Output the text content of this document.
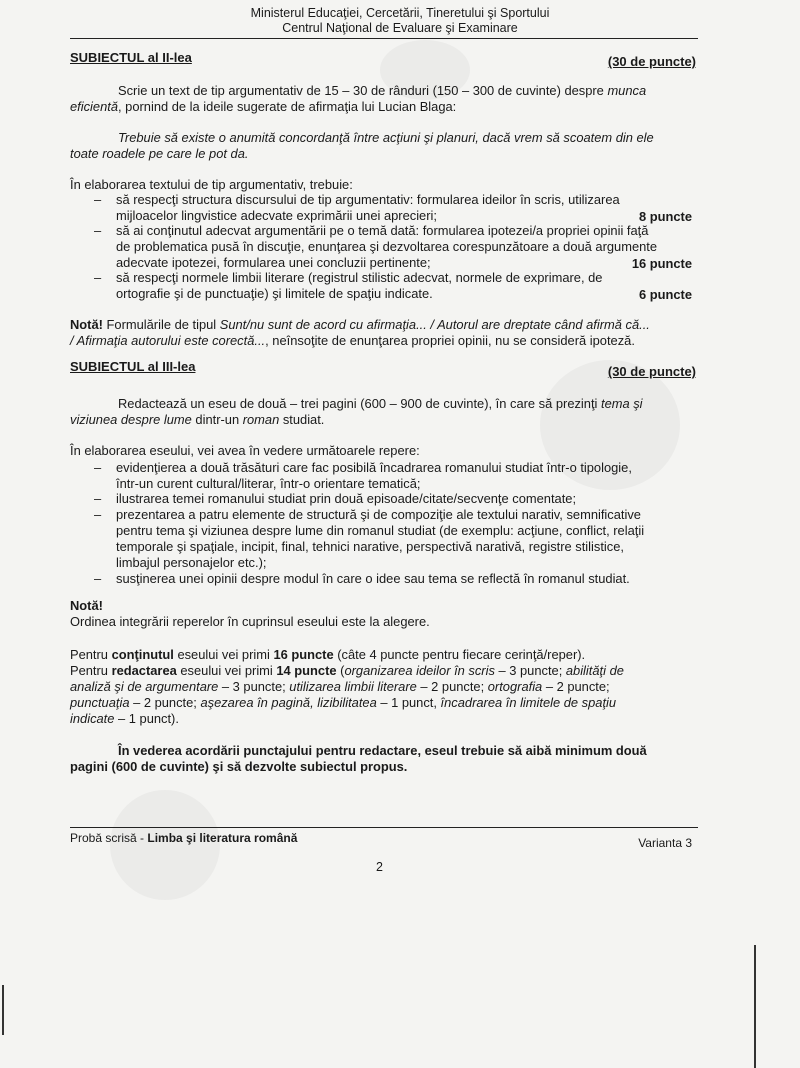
Ministerul Educaţiei, Cercetării, Tineretului şi Sportului
Centrul Naţional de Evaluare şi Examinare
SUBIECTUL al II-lea	(30 de puncte)
Scrie un text de tip argumentativ de 15 – 30 de rânduri (150 – 300 de cuvinte) despre munca
eficientă, pornind de la ideile sugerate de afirmaţia lui Lucian Blaga:
Trebuie să existe o anumită concordanţă între acţiuni şi planuri, dacă vrem să scoatem din ele
toate roadele pe care le pot da.
În elaborarea textului de tip argumentativ, trebuie:
– să respecţi structura discursului de tip argumentativ: formularea ideilor în scris, utilizarea
mijloacelor lingvistice adecvate exprimării unei aprecieri;	8 puncte
– să ai conţinutul adecvat argumentării pe o temă dată: formularea ipotezei/a propriei opinii faţă
de problematica pusă în discuţie, enunţarea şi dezvoltarea corespunzătoare a două argumente
adecvate ipotezei, formularea unei concluzii pertinente;	16 puncte
– să respecţi normele limbii literare (registrul stilistic adecvat, normele de exprimare, de
ortografie şi de punctuaţie) şi limitele de spaţiu indicate.	6 puncte
Notă! Formulările de tipul Sunt/nu sunt de acord cu afirmaţia... / Autorul are dreptate când afirmă că...
/ Afirmaţia autorului este corectă..., neînsoţite de enunţarea propriei opinii, nu se consideră ipoteză.
SUBIECTUL al III-lea	(30 de puncte)
Redactează un eseu de două – trei pagini (600 – 900 de cuvinte), în care să prezinţi tema şi
viziunea despre lume dintr-un roman studiat.
În elaborarea eseului, vei avea în vedere următoarele repere:
– evidenţierea a două trăsături care fac posibilă încadrarea romanului studiat într-o tipologie,
într-un curent cultural/literar, într-o orientare tematică;
– ilustrarea temei romanului studiat prin două episoade/citate/secvenţe comentate;
– prezentarea a patru elemente de structură şi de compoziţie ale textului narativ, semnificative
pentru tema şi viziunea despre lume din romanul studiat (de exemplu: acţiune, conflict, relaţii
temporale şi spaţiale, incipit, final, tehnici narative, perspectivă narativă, registre stilistice,
limbajul personajelor etc.);
– susţinerea unei opinii despre modul în care o idee sau tema se reflectă în romanul studiat.
Notă!
Ordinea integrării reperelor în cuprinsul eseului este la alegere.
Pentru conţinutul eseului vei primi 16 puncte (câte 4 puncte pentru fiecare cerinţă/reper).
Pentru redactarea eseului vei primi 14 puncte (organizarea ideilor în scris – 3 puncte; abilităţi de
analiză şi de argumentare – 3 puncte; utilizarea limbii literare – 2 puncte; ortografia – 2 puncte;
punctuaţia – 2 puncte; aşezarea în pagină, lizibilitatea – 1 punct, încadrarea în limitele de spaţiu
indicate – 1 punct).
În vederea acordării punctajului pentru redactare, eseul trebuie să aibă minimum două
pagini (600 de cuvinte) şi să dezvolte subiectul propus.
Probă scrisă - Limba şi literatura română	Varianta 3
2
